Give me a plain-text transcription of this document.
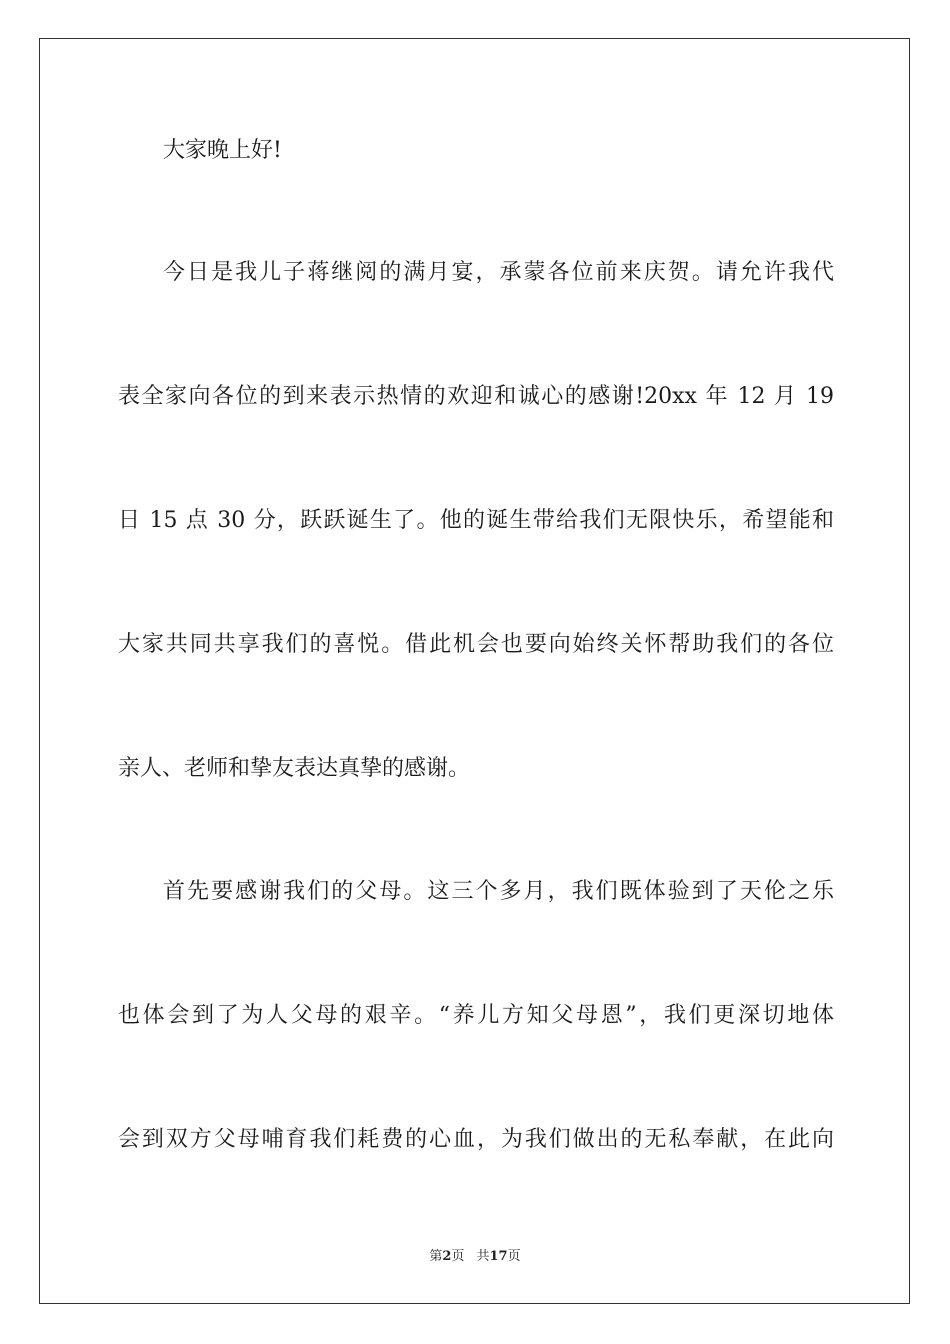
大家晚上好!
今日是我儿子蒋继阅的满月宴，承蒙各位前来庆贺。请允许我代
表全家向各位的到来表示热情的欢迎和诚心的感谢!20xx 年 12 月 19
日 15 点 30 分，跃跃诞生了。他的诞生带给我们无限快乐，希望能和
大家共同共享我们的喜悦。借此机会也要向始终关怀帮助我们的各位
亲人、老师和挚友表达真挚的感谢。
首先要感谢我们的父母。这三个多月，我们既体验到了天伦之乐
也体会到了为人父母的艰辛。“养儿方知父母恩”，我们更深切地体
会到双方父母哺育我们耗费的心血，为我们做出的无私奉献，在此向
第2页 共17页
